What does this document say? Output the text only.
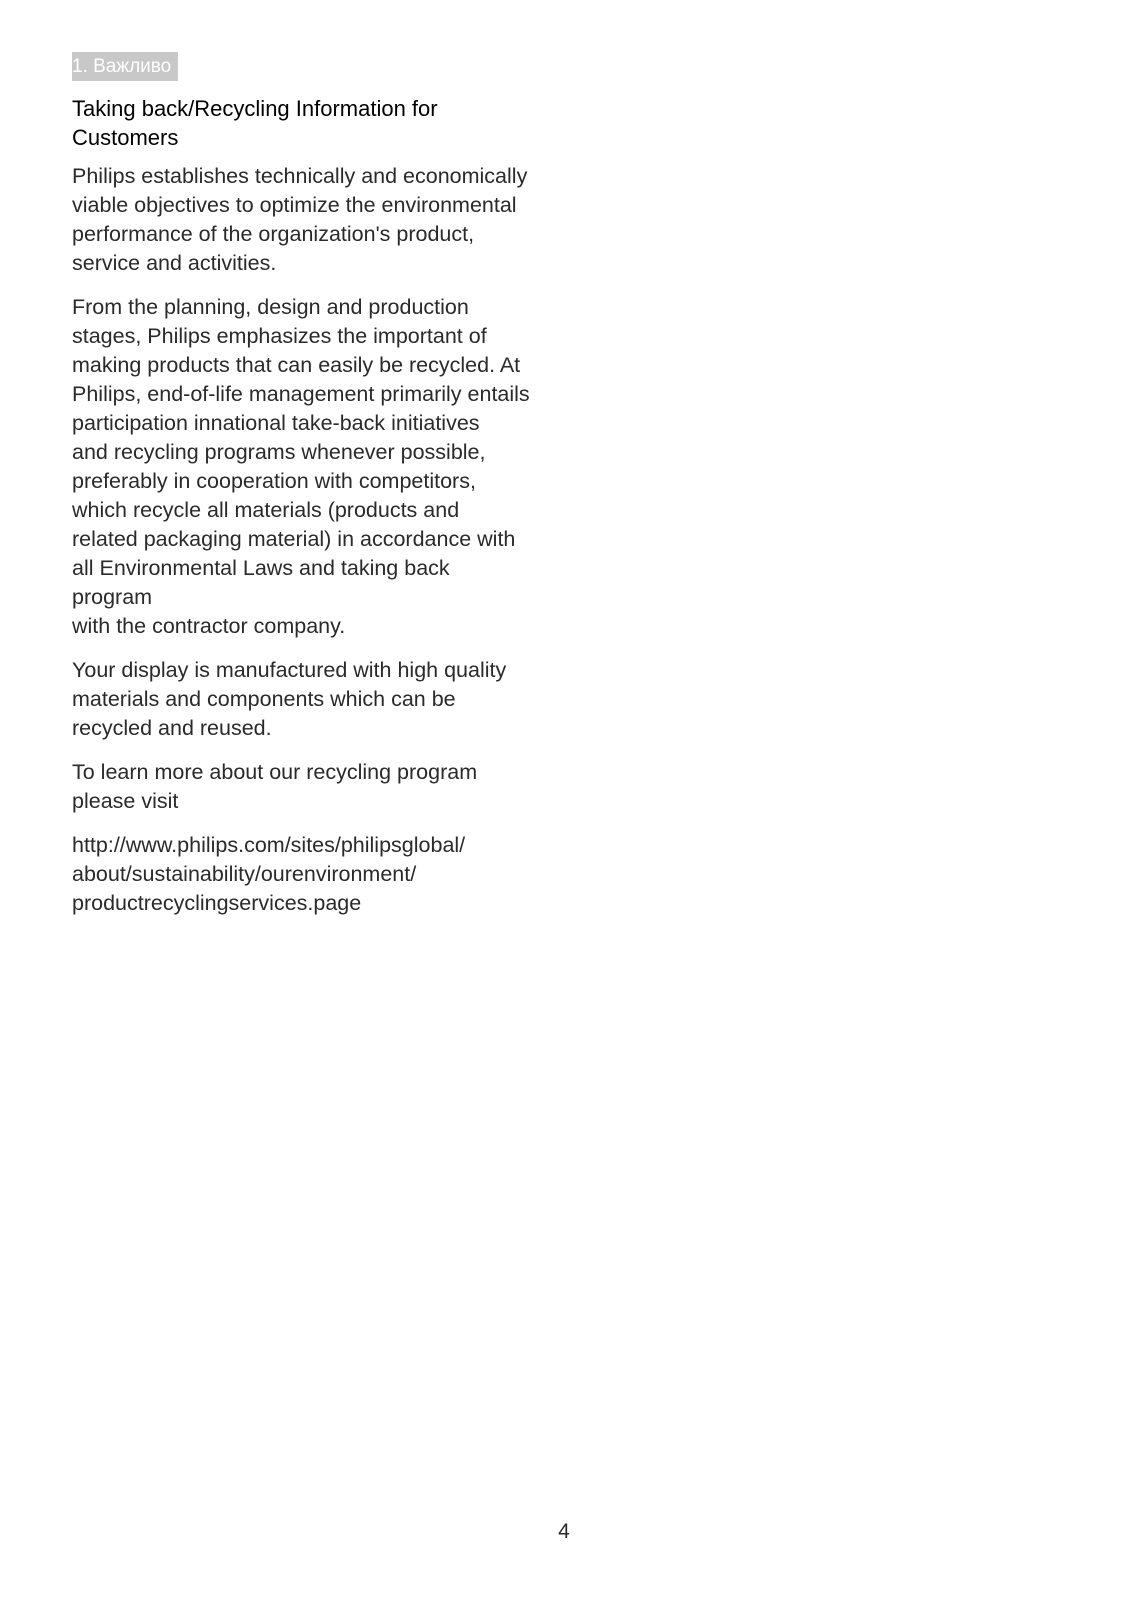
1. Важливо
Taking back/Recycling Information for
Customers

Philips establishes technically and economically
viable objectives to optimize the environmental
performance of the organization's product,
service and activities.

From the planning, design and production
stages, Philips emphasizes the important of
making products that can easily be recycled. At
Philips, end-of-life management primarily entails
participation innational take-back initiatives
and recycling programs whenever possible,
preferably in cooperation with competitors,
which recycle all materials (products and
related packaging material) in accordance with
all Environmental Laws and taking back program
with the contractor company.

Your display is manufactured with high quality
materials and components which can be
recycled and reused.

To learn more about our recycling program
please visit

http://www.philips.com/sites/philipsglobal/
about/sustainability/ourenvironment/
productrecyclingservices.page

4
